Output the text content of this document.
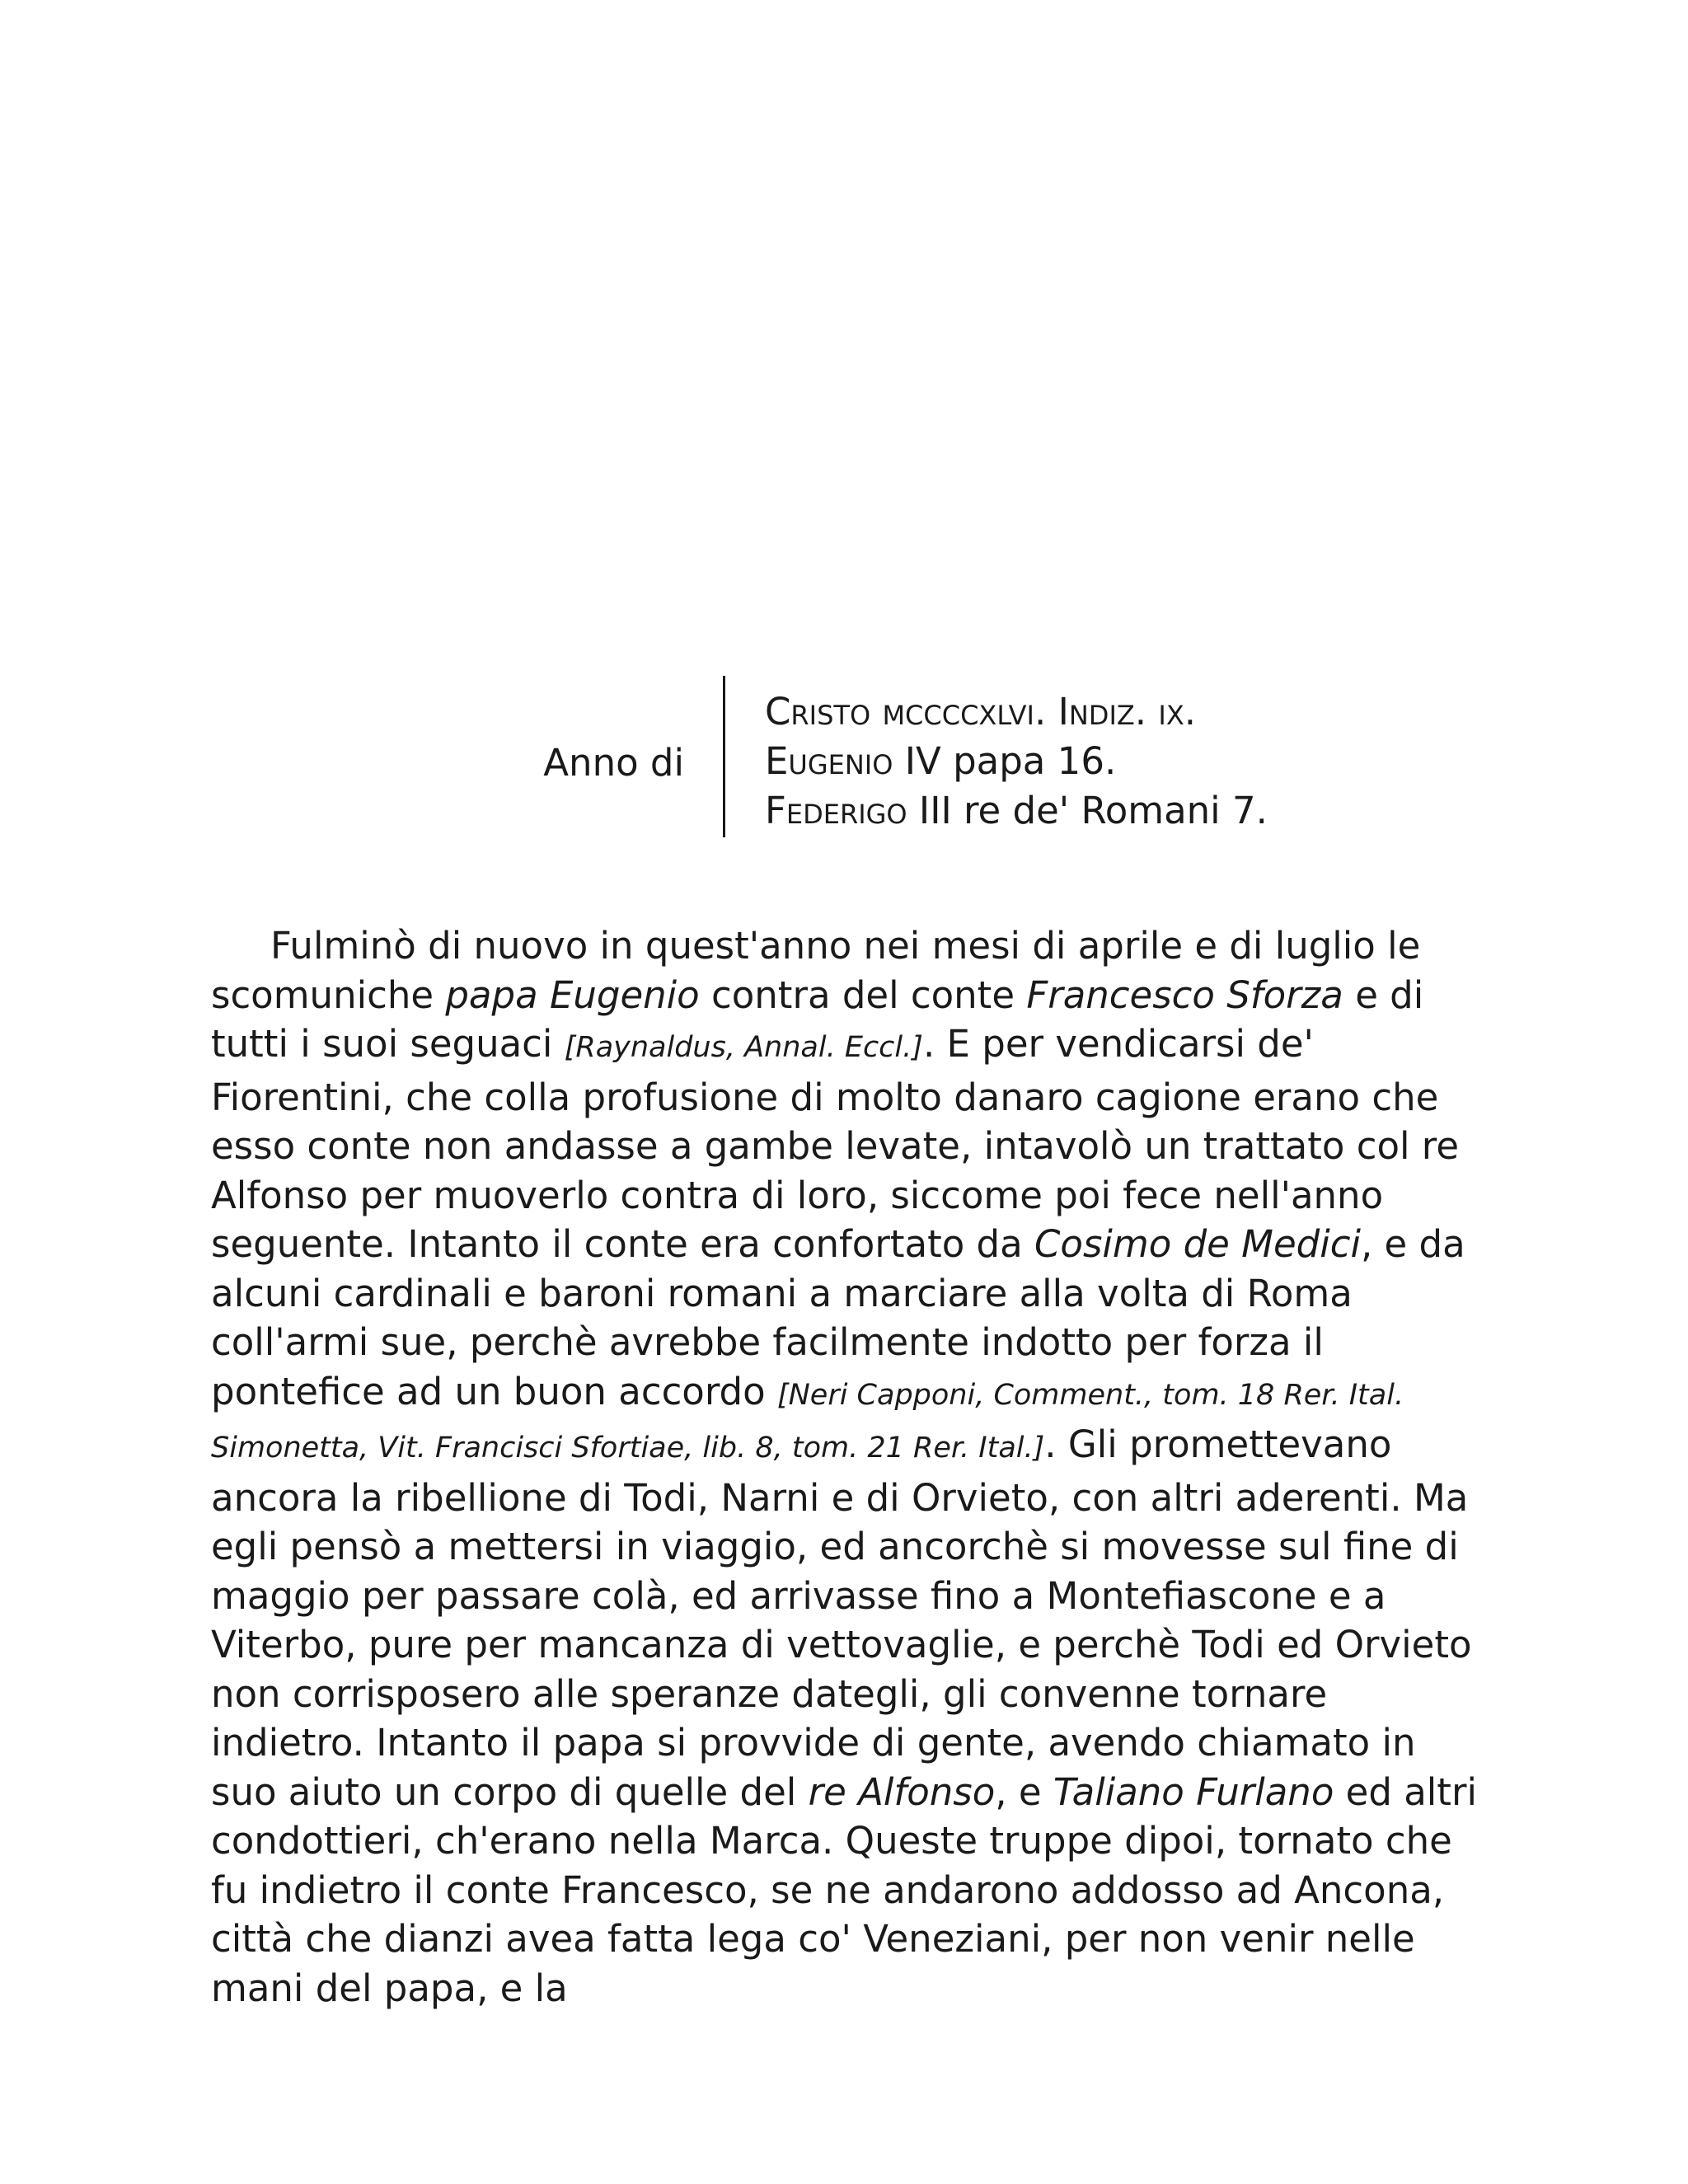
Anno di
Cristo mccccxlvi. Indiz. ix.
Eugenio IV papa 16.
Federigo III re de' Romani 7.

Fulminò di nuovo in quest'anno nei mesi di aprile e di luglio le scomuniche papa Eugenio contra del conte Francesco Sforza e di tutti i suoi seguaci [Raynaldus, Annal. Eccl.]. E per vendicarsi de' Fiorentini, che colla profusione di molto danaro cagione erano che esso conte non andasse a gambe levate, intavolò un trattato col re Alfonso per muoverlo contra di loro, siccome poi fece nell'anno seguente. Intanto il conte era confortato da Cosimo de Medici, e da alcuni cardinali e baroni romani a marciare alla volta di Roma coll'armi sue, perchè avrebbe facilmente indotto per forza il pontefice ad un buon accordo [Neri Capponi, Comment., tom. 18 Rer. Ital. Simonetta, Vit. Francisci Sfortiae, lib. 8, tom. 21 Rer. Ital.]. Gli promettevano ancora la ribellione di Todi, Narni e di Orvieto, con altri aderenti. Ma egli pensò a mettersi in viaggio, ed ancorchè si movesse sul fine di maggio per passare colà, ed arrivasse fino a Montefiascone e a Viterbo, pure per mancanza di vettovaglie, e perchè Todi ed Orvieto non corrisposero alle speranze dategli, gli convenne tornare indietro. Intanto il papa si provvide di gente, avendo chiamato in suo aiuto un corpo di quelle del re Alfonso, e Taliano Furlano ed altri condottieri, ch'erano nella Marca. Queste truppe dipoi, tornato che fu indietro il conte Francesco, se ne andarono addosso ad Ancona, città che dianzi avea fatta lega co' Veneziani, per non venir nelle mani del papa, e la
